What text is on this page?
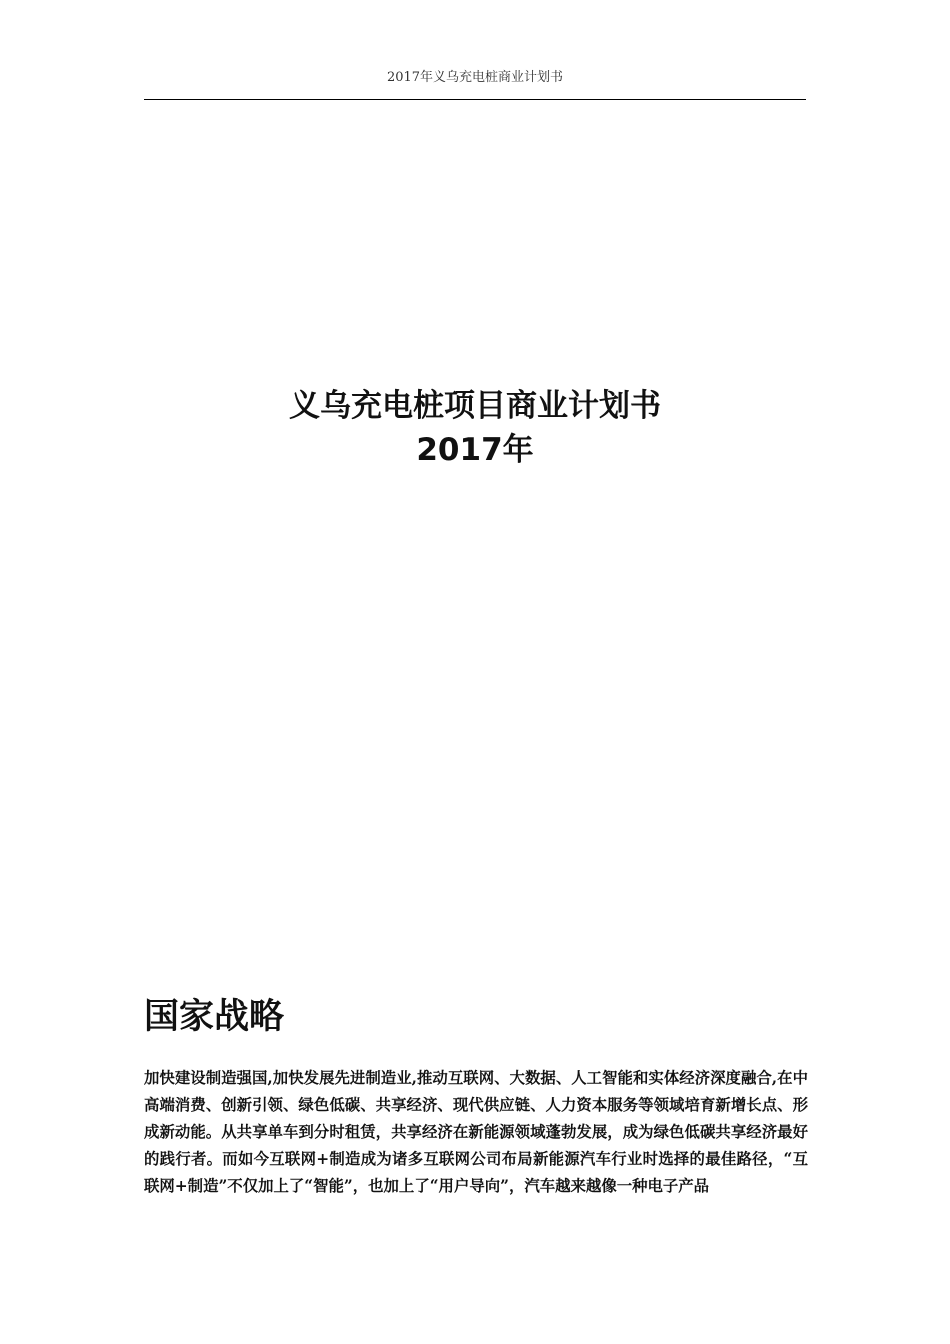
2017年义乌充电桩商业计划书
义乌充电桩项目商业计划书
2017年
国家战略

加快建设制造强国,加快发展先进制造业,推动互联网、大数据、人工智能和实体经济深度融合,在中高端消费、创新引领、绿色低碳、共享经济、现代供应链、人力资本服务等领域培育新增长点、形成新动能。从共享单车到分时租赁，共享经济在新能源领域蓬勃发展，成为绿色低碳共享经济最好的践行者。而如今互联网+制造成为诸多互联网公司布局新能源汽车行业时选择的最佳路径，“互联网+制造”不仅加上了“智能”，也加上了“用户导向”，汽车越来越像一种电子产品
